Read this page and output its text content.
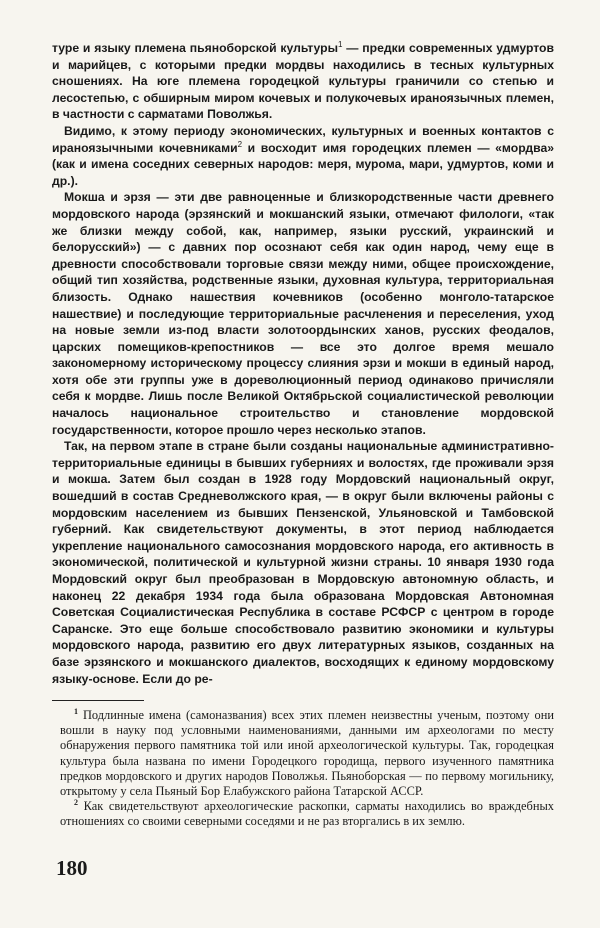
туре и языку племена пьяноборской культуры$^1$ — предки современных удмуртов и марийцев, с которыми предки мордвы находились в тесных культурных сношениях. На юге племена городецкой культуры граничили со степью и лесостепью, с обширным миром кочевых и полукочевых ираноязычных племен, в частности с сарматами Поволжья.

Видимо, к этому периоду экономических, культурных и военных контактов с ираноязычными кочевниками$^2$ и восходит имя городецких племен — «мордва» (как и имена соседних северных народов: меря, мурома, мари, удмуртов, коми и др.).

Мокша и эрзя — эти две равноценные и близкородственные части древнего мордовского народа (эрзянский и мокшанский языки, отмечают филологи, «так же близки между собой, как, например, языки русский, украинский и белорусский») — с давних пор осознают себя как один народ, чему еще в древности способствовали торговые связи между ними, общее происхождение, общий тип хозяйства, родственные языки, духовная культура, территориальная близость. Однако нашествия кочевников (особенно монголо-татарское нашествие) и последующие территориальные расчленения и переселения, уход на новые земли из-под власти золотоордынских ханов, русских феодалов, царских помещиков-крепостников — все это долгое время мешало закономерному историческому процессу слияния эрзи и мокши в единый народ, хотя обе эти группы уже в дореволюционный период одинаково причисляли себя к мордве. Лишь после Великой Октябрьской социалистической революции началось национальное строительство и становление мордовской государственности, которое прошло через несколько этапов.

Так, на первом этапе в стране были созданы национальные административно-территориальные единицы в бывших губерниях и волостях, где проживали эрзя и мокша. Затем был создан в 1928 году Мордовский национальный округ, вошедший в состав Средневолжского края, — в округ были включены районы с мордовским населением из бывших Пензенской, Ульяновской и Тамбовской губерний. Как свидетельствуют документы, в этот период наблюдается укрепление национального самосознания мордовского народа, его активность в экономической, политической и культурной жизни страны. 10 января 1930 года Мордовский округ был преобразован в Мордовскую автономную область, и наконец 22 декабря 1934 года была образована Мордовская Автономная Советская Социалистическая Республика в составе РСФСР с центром в городе Саранске. Это еще больше способствовало развитию экономики и культуры мордовского народа, развитию его двух литературных языков, созданных на базе эрзянского и мокшанского диалектов, восходящих к единому мордовскому языку-основе. Если до ре-

$^1$ Подлинные имена (самоназвания) всех этих племен неизвестны ученым, поэтому они вошли в науку под условными наименованиями, данными им археологами по месту обнаружения первого памятника той или иной археологической культуры. Так, городецкая культура была названа по имени Городецкого городища, первого изученного памятника предков мордовского и других народов Поволжья. Пьяноборская — по первому могильнику, открытому у села Пьяный Бор Елабужского района Татарской АССР.

$^2$ Как свидетельствуют археологические раскопки, сарматы находились во враждебных отношениях со своими северными соседями и не раз вторгались в их землю.

180
